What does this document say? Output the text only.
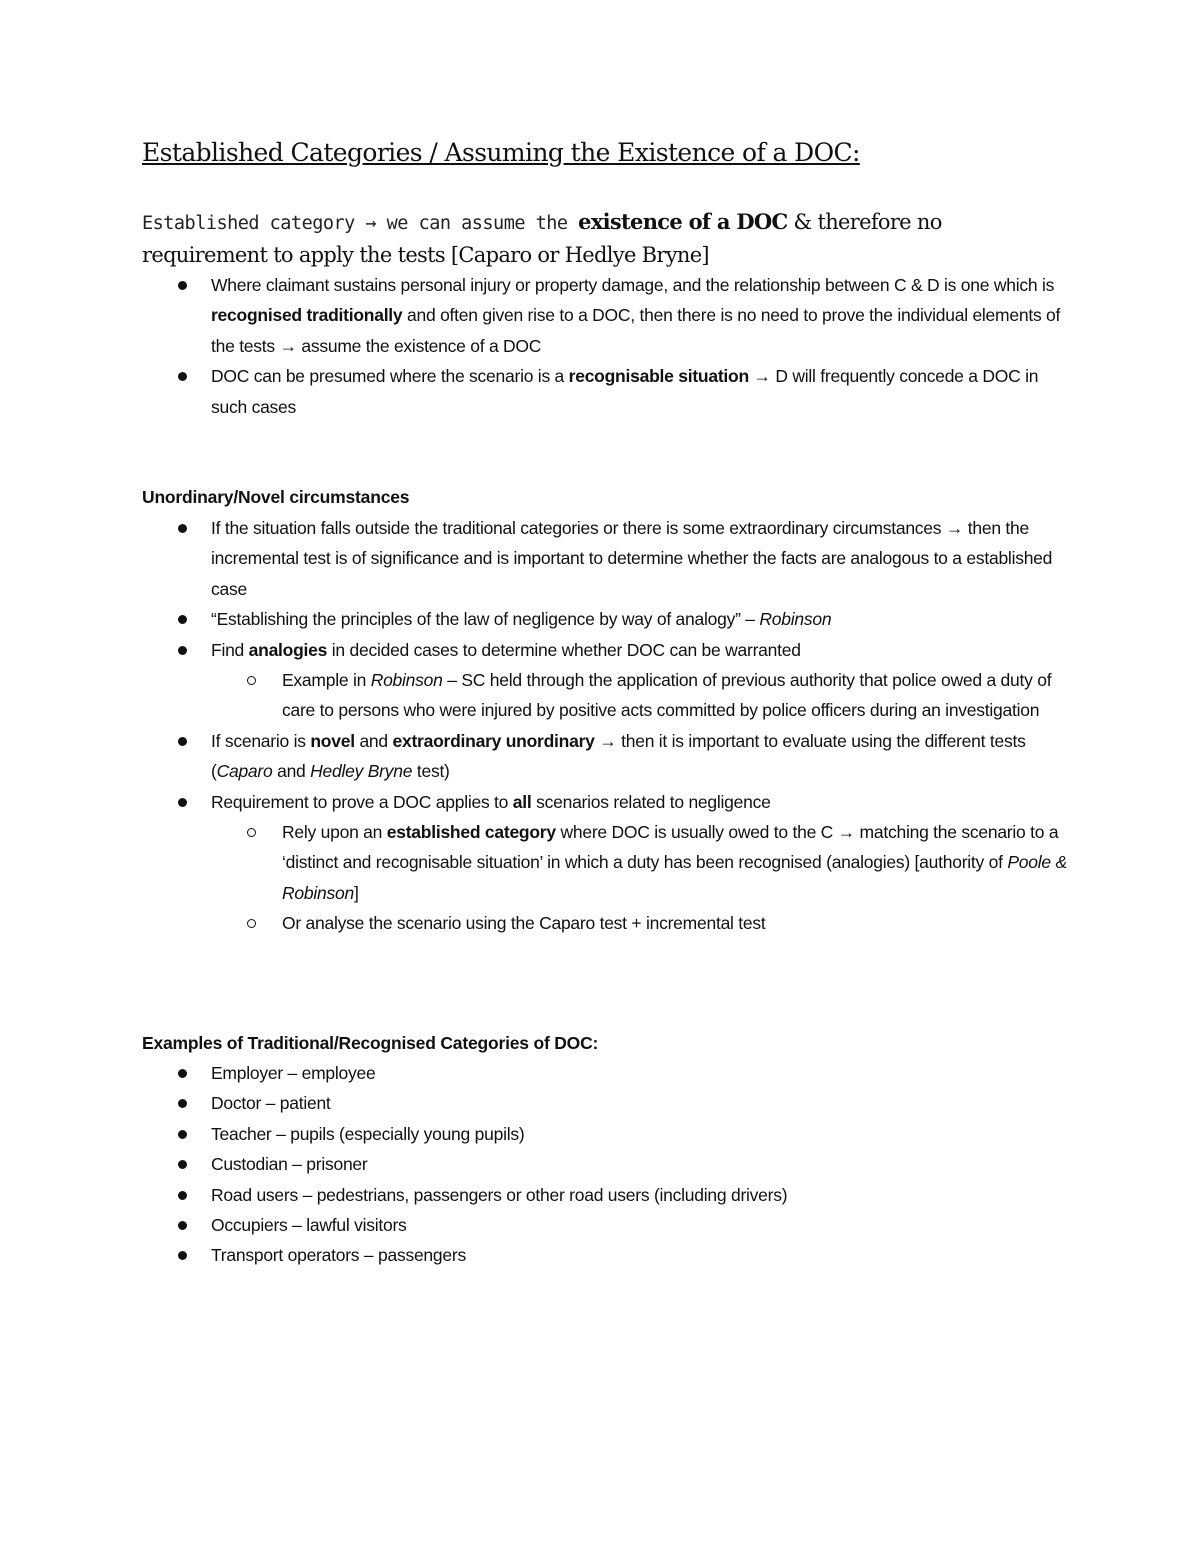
Established Categories / Assuming the Existence of a DOC:

Established category → we can assume the existence of a DOC & therefore no requirement to apply the tests [Caparo or Hedlye Bryne]

Where claimant sustains personal injury or property damage, and the relationship between C & D is one which is recognised traditionally and often given rise to a DOC, then there is no need to prove the individual elements of the tests → assume the existence of a DOC
DOC can be presumed where the scenario is a recognisable situation → D will frequently concede a DOC in such cases

Unordinary/Novel circumstances

If the situation falls outside the traditional categories or there is some extraordinary circumstances → then the incremental test is of significance and is important to determine whether the facts are analogous to a established case
“Establishing the principles of the law of negligence by way of analogy” – Robinson
Find analogies in decided cases to determine whether DOC can be warranted
Example in Robinson – SC held through the application of previous authority that police owed a duty of care to persons who were injured by positive acts committed by police officers during an investigation
If scenario is novel and extraordinary unordinary → then it is important to evaluate using the different tests (Caparo and Hedley Bryne test)
Requirement to prove a DOC applies to all scenarios related to negligence
Rely upon an established category where DOC is usually owed to the C → matching the scenario to a ‘distinct and recognisable situation’ in which a duty has been recognised (analogies) [authority of Poole & Robinson]
Or analyse the scenario using the Caparo test + incremental test

Examples of Traditional/Recognised Categories of DOC:

Employer – employee
Doctor – patient
Teacher – pupils (especially young pupils)
Custodian – prisoner
Road users – pedestrians, passengers or other road users (including drivers)
Occupiers – lawful visitors
Transport operators – passengers
